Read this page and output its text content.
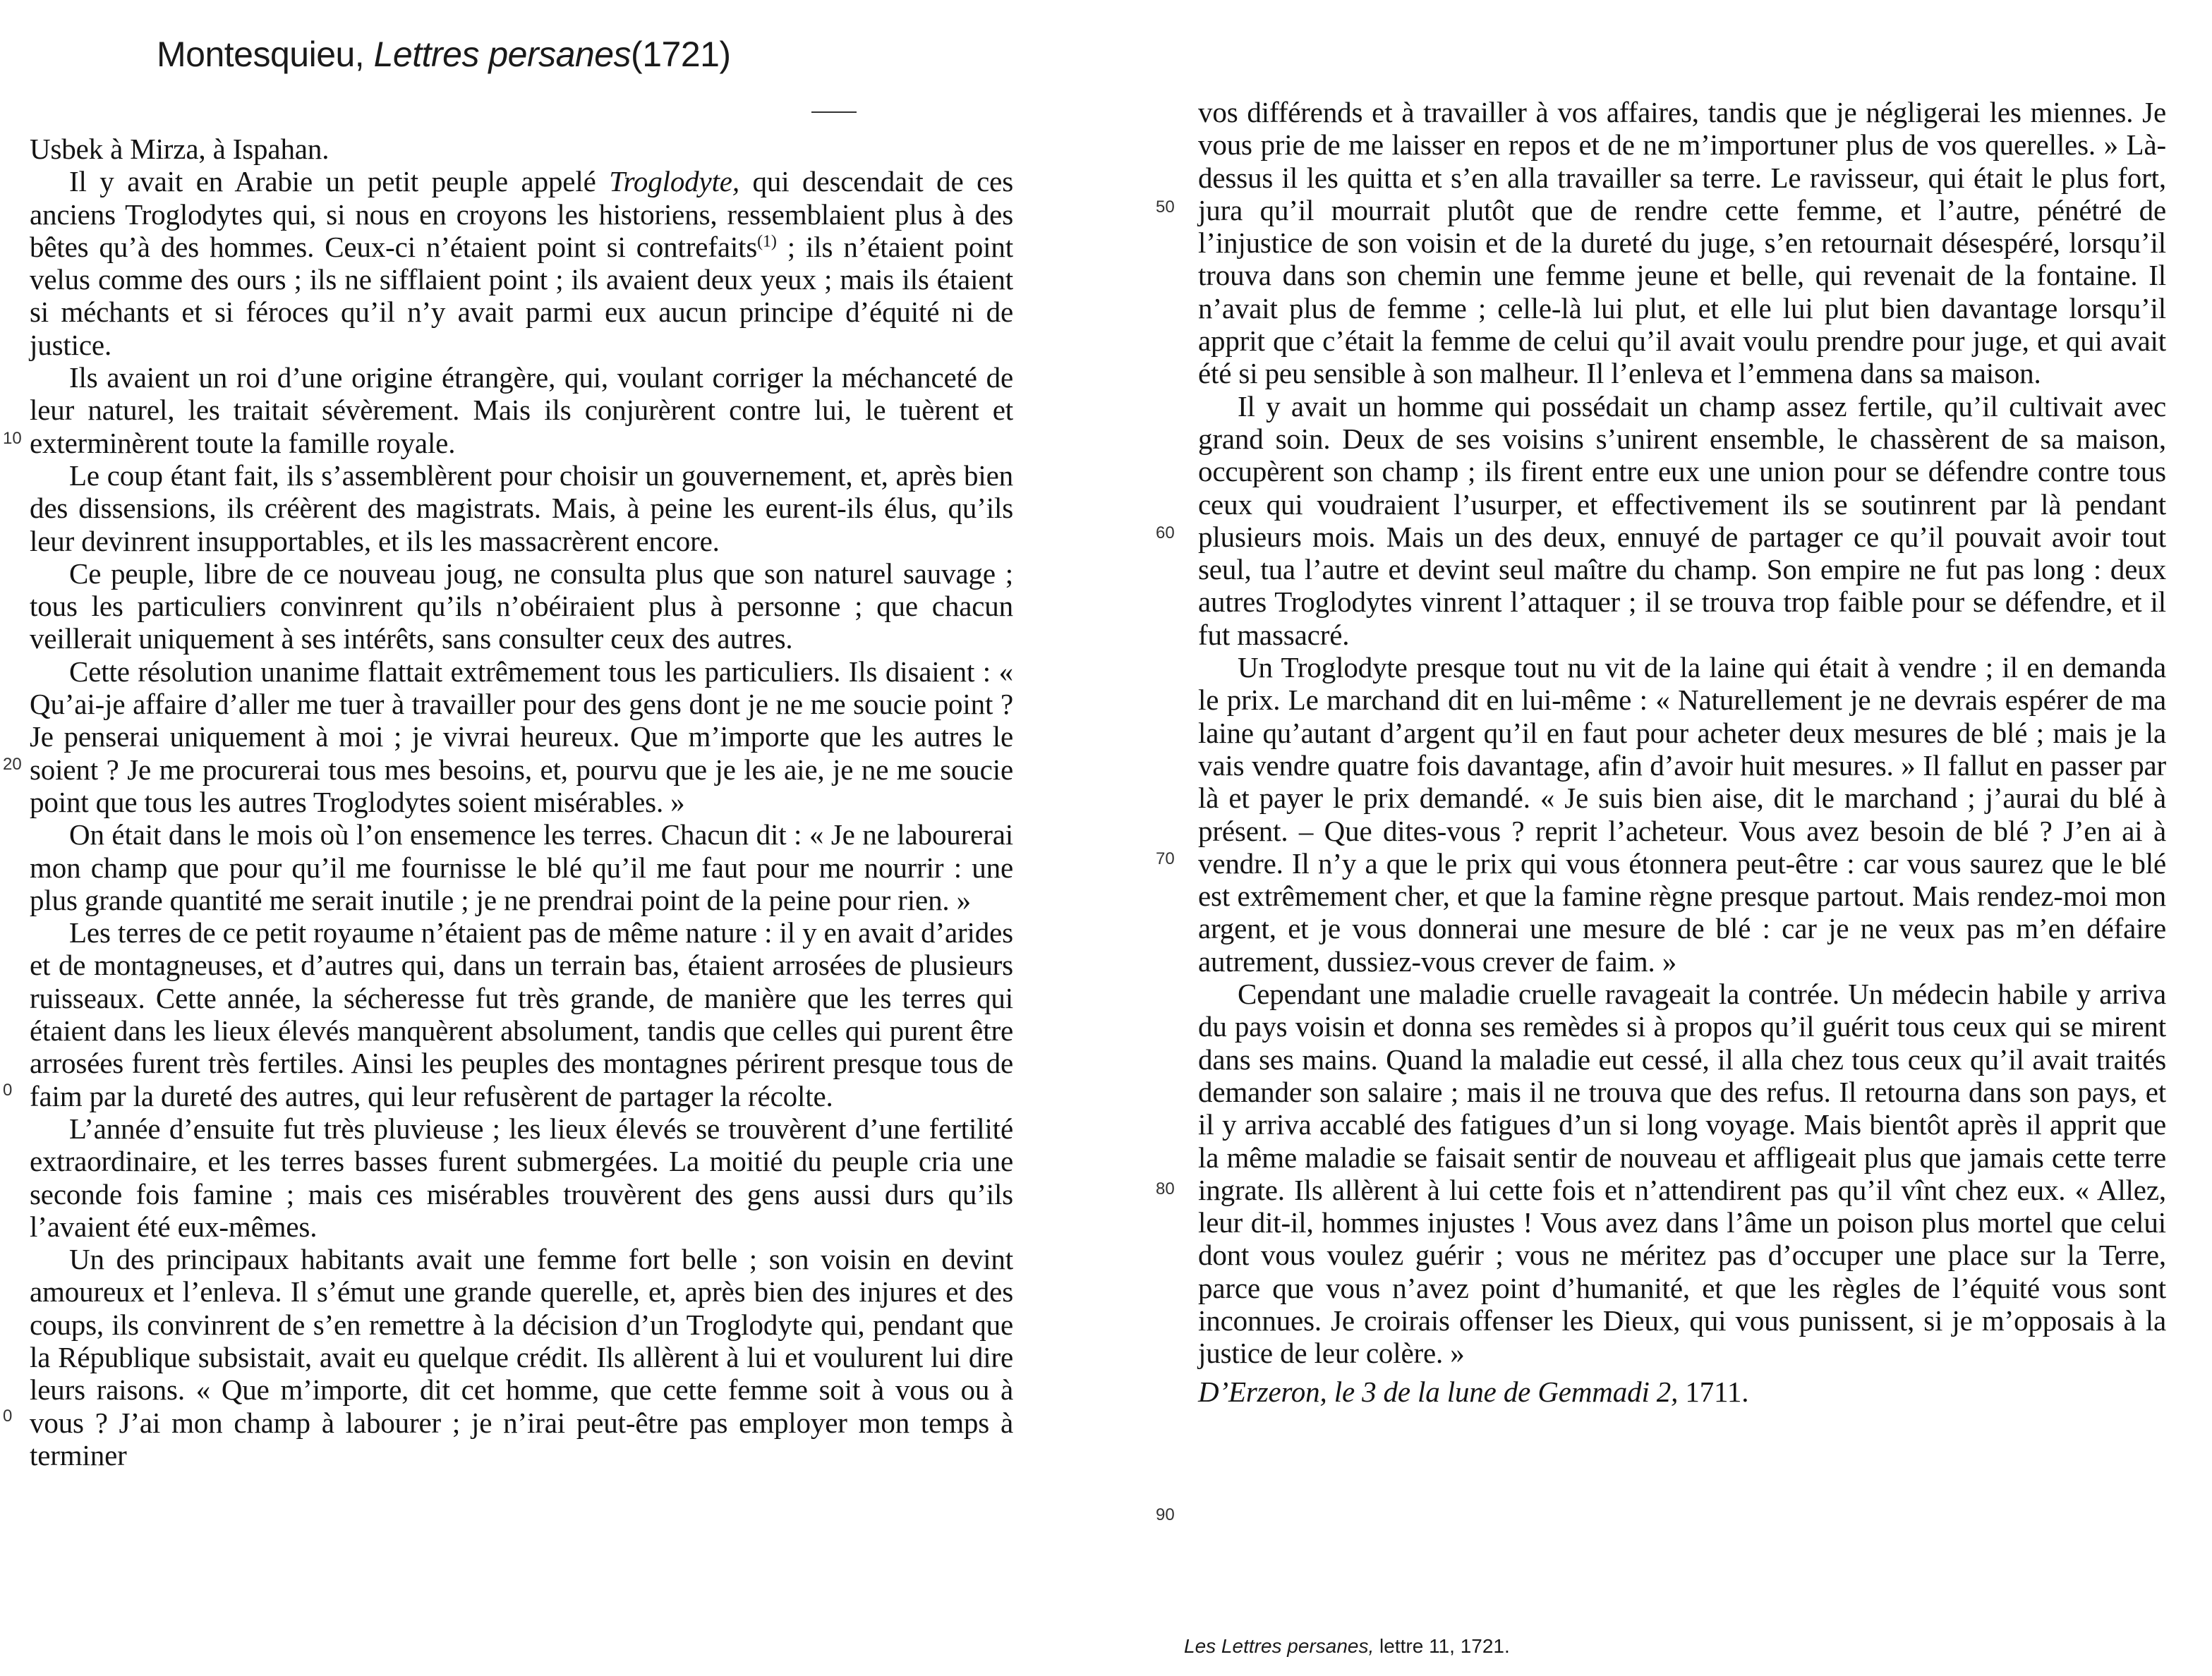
Montesquieu, Lettres persanes(1721)

Usbek à Mirza, à Ispahan.

Il y avait en Arabie un petit peuple appelé Troglodyte, qui descendait de ces anciens Troglodytes qui, si nous en croyons les historiens, ressemblaient plus à des bêtes qu’à des hommes. Ceux-ci n’étaient point si contrefaits$^{(1)}$ ; ils n’étaient point velus comme des ours ; ils ne sifflaient point ; ils avaient deux yeux ; mais ils étaient si méchants et si féroces qu’il n’y avait parmi eux aucun principe d’équité ni de justice.

Ils avaient un roi d’une origine étrangère, qui, voulant corriger la méchanceté de leur naturel, les traitait sévèrement. Mais ils conjurèrent contre lui, le tuèrent et exterminèrent toute la famille royale.

Le coup étant fait, ils s’assemblèrent pour choisir un gouvernement, et, après bien des dissensions, ils créèrent des magistrats. Mais, à peine les eurent-ils élus, qu’ils leur devinrent insupportables, et ils les massacrèrent encore.

Ce peuple, libre de ce nouveau joug, ne consulta plus que son naturel sauvage ; tous les particuliers convinrent qu’ils n’obéiraient plus à personne ; que chacun veillerait uniquement à ses intérêts, sans consulter ceux des autres.

Cette résolution unanime flattait extrêmement tous les particuliers. Ils disaient : « Qu’ai-je affaire d’aller me tuer à travailler pour des gens dont je ne me soucie point ? Je penserai uniquement à moi ; je vivrai heureux. Que m’importe que les autres le soient ? Je me procurerai tous mes besoins, et, pourvu que je les aie, je ne me soucie point que tous les autres Troglodytes soient misérables. »

On était dans le mois où l’on ensemence les terres. Chacun dit : « Je ne labourerai mon champ que pour qu’il me fournisse le blé qu’il me faut pour me nourrir : une plus grande quantité me serait inutile ; je ne prendrai point de la peine pour rien. »

Les terres de ce petit royaume n’étaient pas de même nature : il y en avait d’arides et de montagneuses, et d’autres qui, dans un terrain bas, étaient arrosées de plusieurs ruisseaux. Cette année, la sécheresse fut très grande, de manière que les terres qui étaient dans les lieux élevés manquèrent absolument, tandis que celles qui purent être arrosées furent très fertiles. Ainsi les peuples des montagnes périrent presque tous de faim par la dureté des autres, qui leur refusèrent de partager la récolte.

L’année d’ensuite fut très pluvieuse ; les lieux élevés se trouvèrent d’une fertilité extraordinaire, et les terres basses furent submergées. La moitié du peuple cria une seconde fois famine ; mais ces misérables trouvèrent des gens aussi durs qu’ils l’avaient été eux-mêmes.

Un des principaux habitants avait une femme fort belle ; son voisin en devint amoureux et l’enleva. Il s’émut une grande querelle, et, après bien des injures et des coups, ils convinrent de s’en remettre à la décision d’un Troglodyte qui, pendant que la République subsistait, avait eu quelque crédit. Ils allèrent à lui et voulurent lui dire leurs raisons. « Que m’importe, dit cet homme, que cette femme soit à vous ou à vous ? J’ai mon champ à labourer ; je n’irai peut-être pas employer mon temps à terminer

10
20
0
0

vos différends et à travailler à vos affaires, tandis que je négligerai les miennes. Je vous prie de me laisser en repos et de ne m’importuner plus de vos querelles. » Là-dessus il les quitta et s’en alla travailler sa terre. Le ravisseur, qui était le plus fort, jura qu’il mourrait plutôt que de rendre cette femme, et l’autre, pénétré de l’injustice de son voisin et de la dureté du juge, s’en retournait désespéré, lorsqu’il trouva dans son chemin une femme jeune et belle, qui revenait de la fontaine. Il n’avait plus de femme ; celle-là lui plut, et elle lui plut bien davantage lorsqu’il apprit que c’était la femme de celui qu’il avait voulu prendre pour juge, et qui avait été si peu sensible à son malheur. Il l’enleva et l’emmena dans sa maison.

Il y avait un homme qui possédait un champ assez fertile, qu’il cultivait avec grand soin. Deux de ses voisins s’unirent ensemble, le chassèrent de sa maison, occupèrent son champ ; ils firent entre eux une union pour se défendre contre tous ceux qui voudraient l’usurper, et effectivement ils se soutinrent par là pendant plusieurs mois. Mais un des deux, ennuyé de partager ce qu’il pouvait avoir tout seul, tua l’autre et devint seul maître du champ. Son empire ne fut pas long : deux autres Troglodytes vinrent l’attaquer ; il se trouva trop faible pour se défendre, et il fut massacré.

Un Troglodyte presque tout nu vit de la laine qui était à vendre ; il en demanda le prix. Le marchand dit en lui-même : « Naturellement je ne devrais espérer de ma laine qu’autant d’argent qu’il en faut pour acheter deux mesures de blé ; mais je la vais vendre quatre fois davantage, afin d’avoir huit mesures. » Il fallut en passer par là et payer le prix demandé. « Je suis bien aise, dit le marchand ; j’aurai du blé à présent. – Que dites-vous ? reprit l’acheteur. Vous avez besoin de blé ? J’en ai à vendre. Il n’y a que le prix qui vous étonnera peut-être : car vous saurez que le blé est extrêmement cher, et que la famine règne presque partout. Mais rendez-moi mon argent, et je vous donnerai une mesure de blé : car je ne veux pas m’en défaire autrement, dussiez-vous crever de faim. »

Cependant une maladie cruelle ravageait la contrée. Un médecin habile y arriva du pays voisin et donna ses remèdes si à propos qu’il guérit tous ceux qui se mirent dans ses mains. Quand la maladie eut cessé, il alla chez tous ceux qu’il avait traités demander son salaire ; mais il ne trouva que des refus. Il retourna dans son pays, et il y arriva accablé des fatigues d’un si long voyage. Mais bientôt après il apprit que la même maladie se faisait sentir de nouveau et affligeait plus que jamais cette terre ingrate. Ils allèrent à lui cette fois et n’attendirent pas qu’il vînt chez eux. « Allez, leur dit-il, hommes injustes ! Vous avez dans l’âme un poison plus mortel que celui dont vous voulez guérir ; vous ne méritez pas d’occuper une place sur la Terre, parce que vous n’avez point d’humanité, et que les règles de l’équité vous sont inconnues. Je croirais offenser les Dieux, qui vous punissent, si je m’opposais à la justice de leur colère. »

D’Erzeron, le 3 de la lune de Gemmadi 2, 1711.

50
60
70
80
90
Les Lettres persanes, lettre 11, 1721.
